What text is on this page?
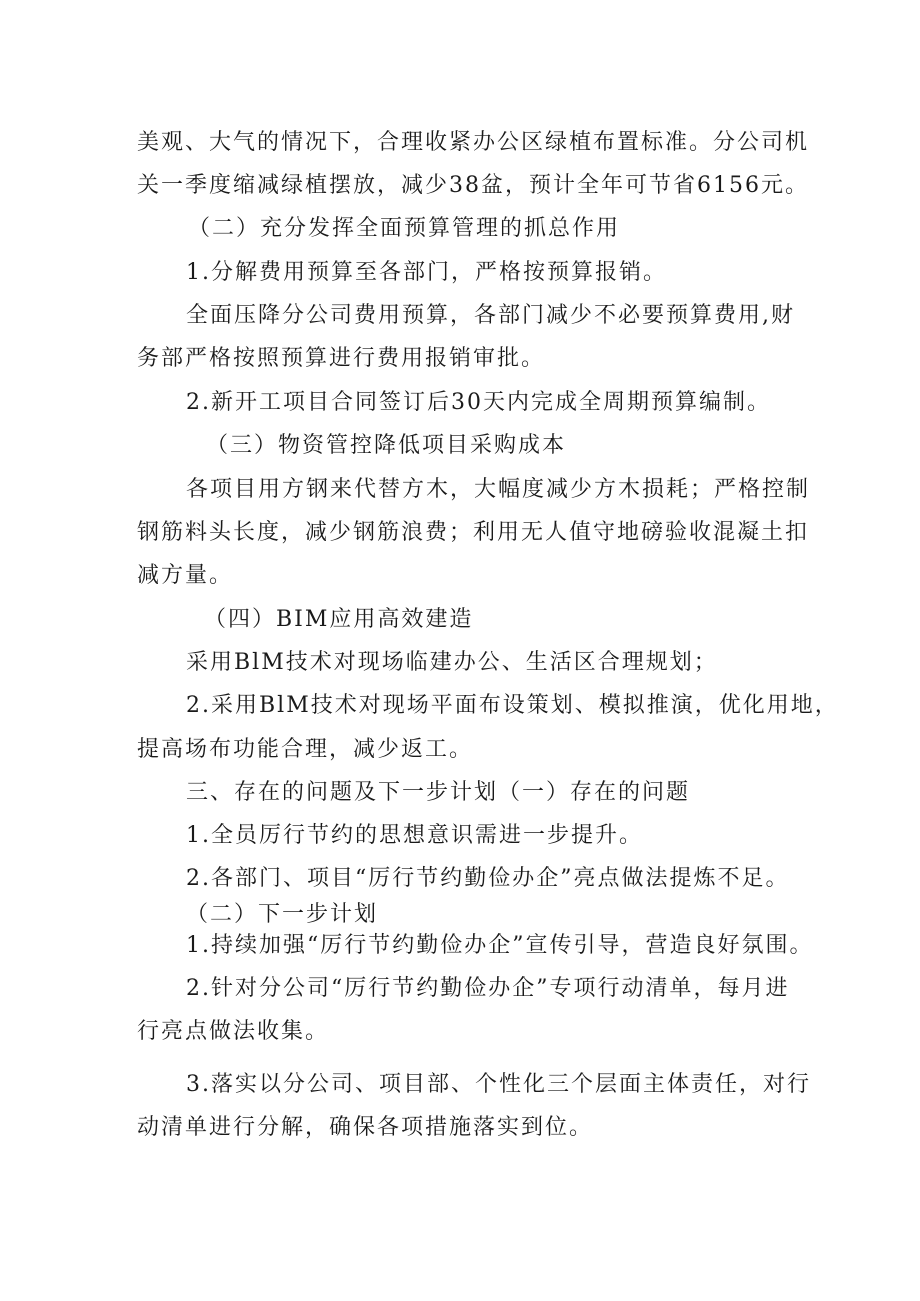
美观、大气的情况下，合理收紧办公区绿植布置标准。分公司机
关一季度缩减绿植摆放，减少38盆，预计全年可节省6156元。
（二）充分发挥全面预算管理的抓总作用
1.分解费用预算至各部门，严格按预算报销。
全面压降分公司费用预算，各部门减少不必要预算费用,财
务部严格按照预算进行费用报销审批。
2.新开工项目合同签订后30天内完成全周期预算编制。
（三）物资管控降低项目采购成本
各项目用方钢来代替方木，大幅度减少方木损耗；严格控制
钢筋料头长度，减少钢筋浪费；利用无人值守地磅验收混凝土扣
减方量。
（四）BIM应用高效建造
采用BlM技术对现场临建办公、生活区合理规划；
2.采用BlM技术对现场平面布设策划、模拟推演，优化用地，
提高场布功能合理，减少返工。
三、存在的问题及下一步计划（一）存在的问题
1.全员厉行节约的思想意识需进一步提升。
2.各部门、项目“厉行节约勤俭办企”亮点做法提炼不足。
（二）下一步计划
1.持续加强“厉行节约勤俭办企”宣传引导，营造良好氛围。
2.针对分公司“厉行节约勤俭办企”专项行动清单，每月进
行亮点做法收集。
3.落实以分公司、项目部、个性化三个层面主体责任，对行
动清单进行分解，确保各项措施落实到位。
